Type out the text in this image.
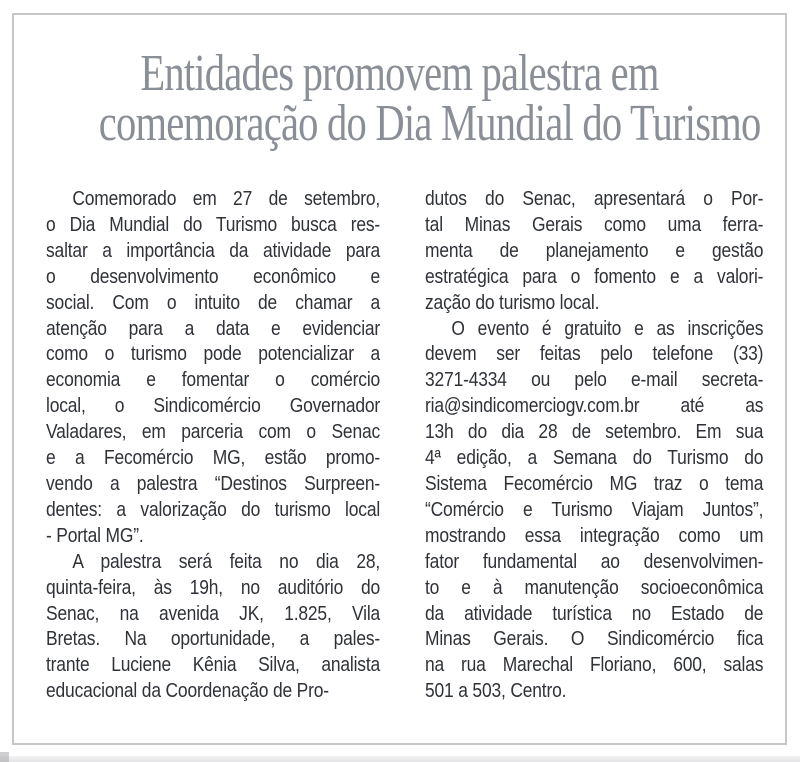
Entidades promovem palestra em
comemoração do Dia Mundial do Turismo
Comemorado em 27 de setembro,
o Dia Mundial do Turismo busca res-
saltar a importância da atividade para
o desenvolvimento econômico e
social. Com o intuito de chamar a
atenção para a data e evidenciar
como o turismo pode potencializar a
economia e fomentar o comércio
local, o Sindicomércio Governador
Valadares, em parceria com o Senac
e a Fecomércio MG, estão promo-
vendo a palestra “Destinos Surpreen-
dentes: a valorização do turismo local
- Portal MG”.
A palestra será feita no dia 28,
quinta-feira, às 19h, no auditório do
Senac, na avenida JK, 1.825, Vila
Bretas. Na oportunidade, a pales-
trante Luciene Kênia Silva, analista
educacional da Coordenação de Pro-
dutos do Senac, apresentará o Por-
tal Minas Gerais como uma ferra-
menta de planejamento e gestão
estratégica para o fomento e a valori-
zação do turismo local.
O evento é gratuito e as inscrições
devem ser feitas pelo telefone (33)
3271-4334 ou pelo e-mail secreta-
ria@sindicomerciogv.com.br até as
13h do dia 28 de setembro. Em sua
4ª edição, a Semana do Turismo do
Sistema Fecomércio MG traz o tema
“Comércio e Turismo Viajam Juntos”,
mostrando essa integração como um
fator fundamental ao desenvolvimen-
to e à manutenção socioeconômica
da atividade turística no Estado de
Minas Gerais. O Sindicomércio fica
na rua Marechal Floriano, 600, salas
501 a 503, Centro.
